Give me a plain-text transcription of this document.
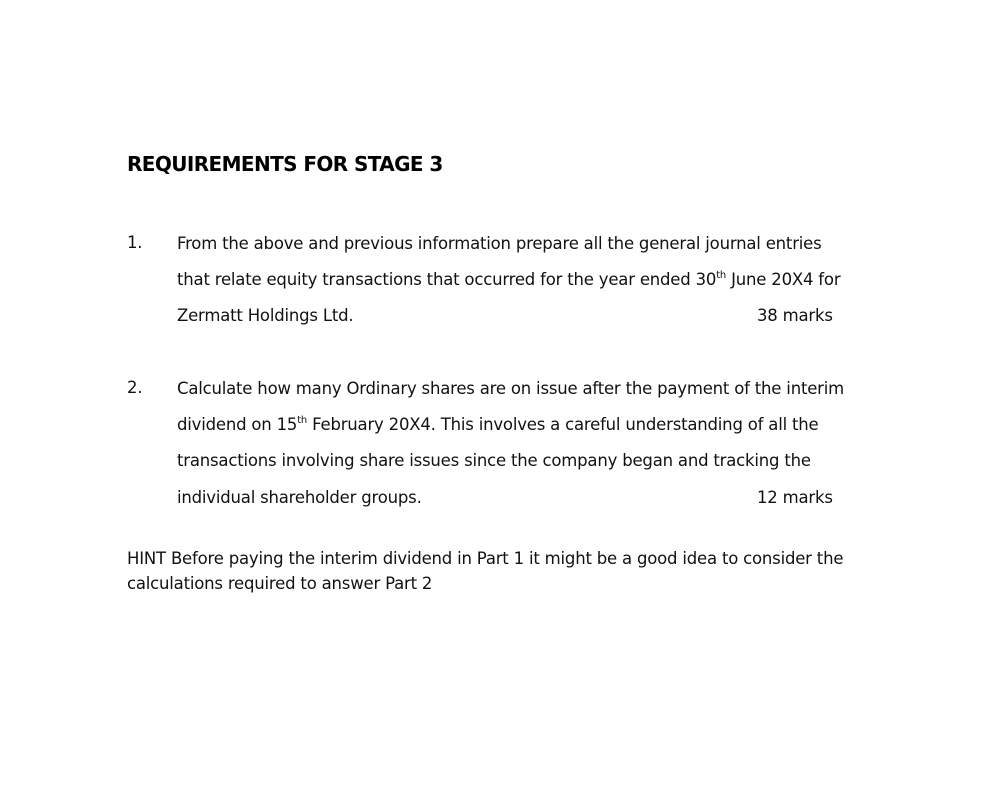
REQUIREMENTS FOR STAGE 3
1. From the above and previous information prepare all the general journal entries
that relate equity transactions that occurred for the year ended 30th June 20X4 for
Zermatt Holdings Ltd.	38 marks
2. Calculate how many Ordinary shares are on issue after the payment of the interim
dividend on 15th February 20X4. This involves a careful understanding of all the
transactions involving share issues since the company began and tracking the
individual shareholder groups.	12 marks
HINT Before paying the interim dividend in Part 1 it might be a good idea to consider the
calculations required to answer Part 2
